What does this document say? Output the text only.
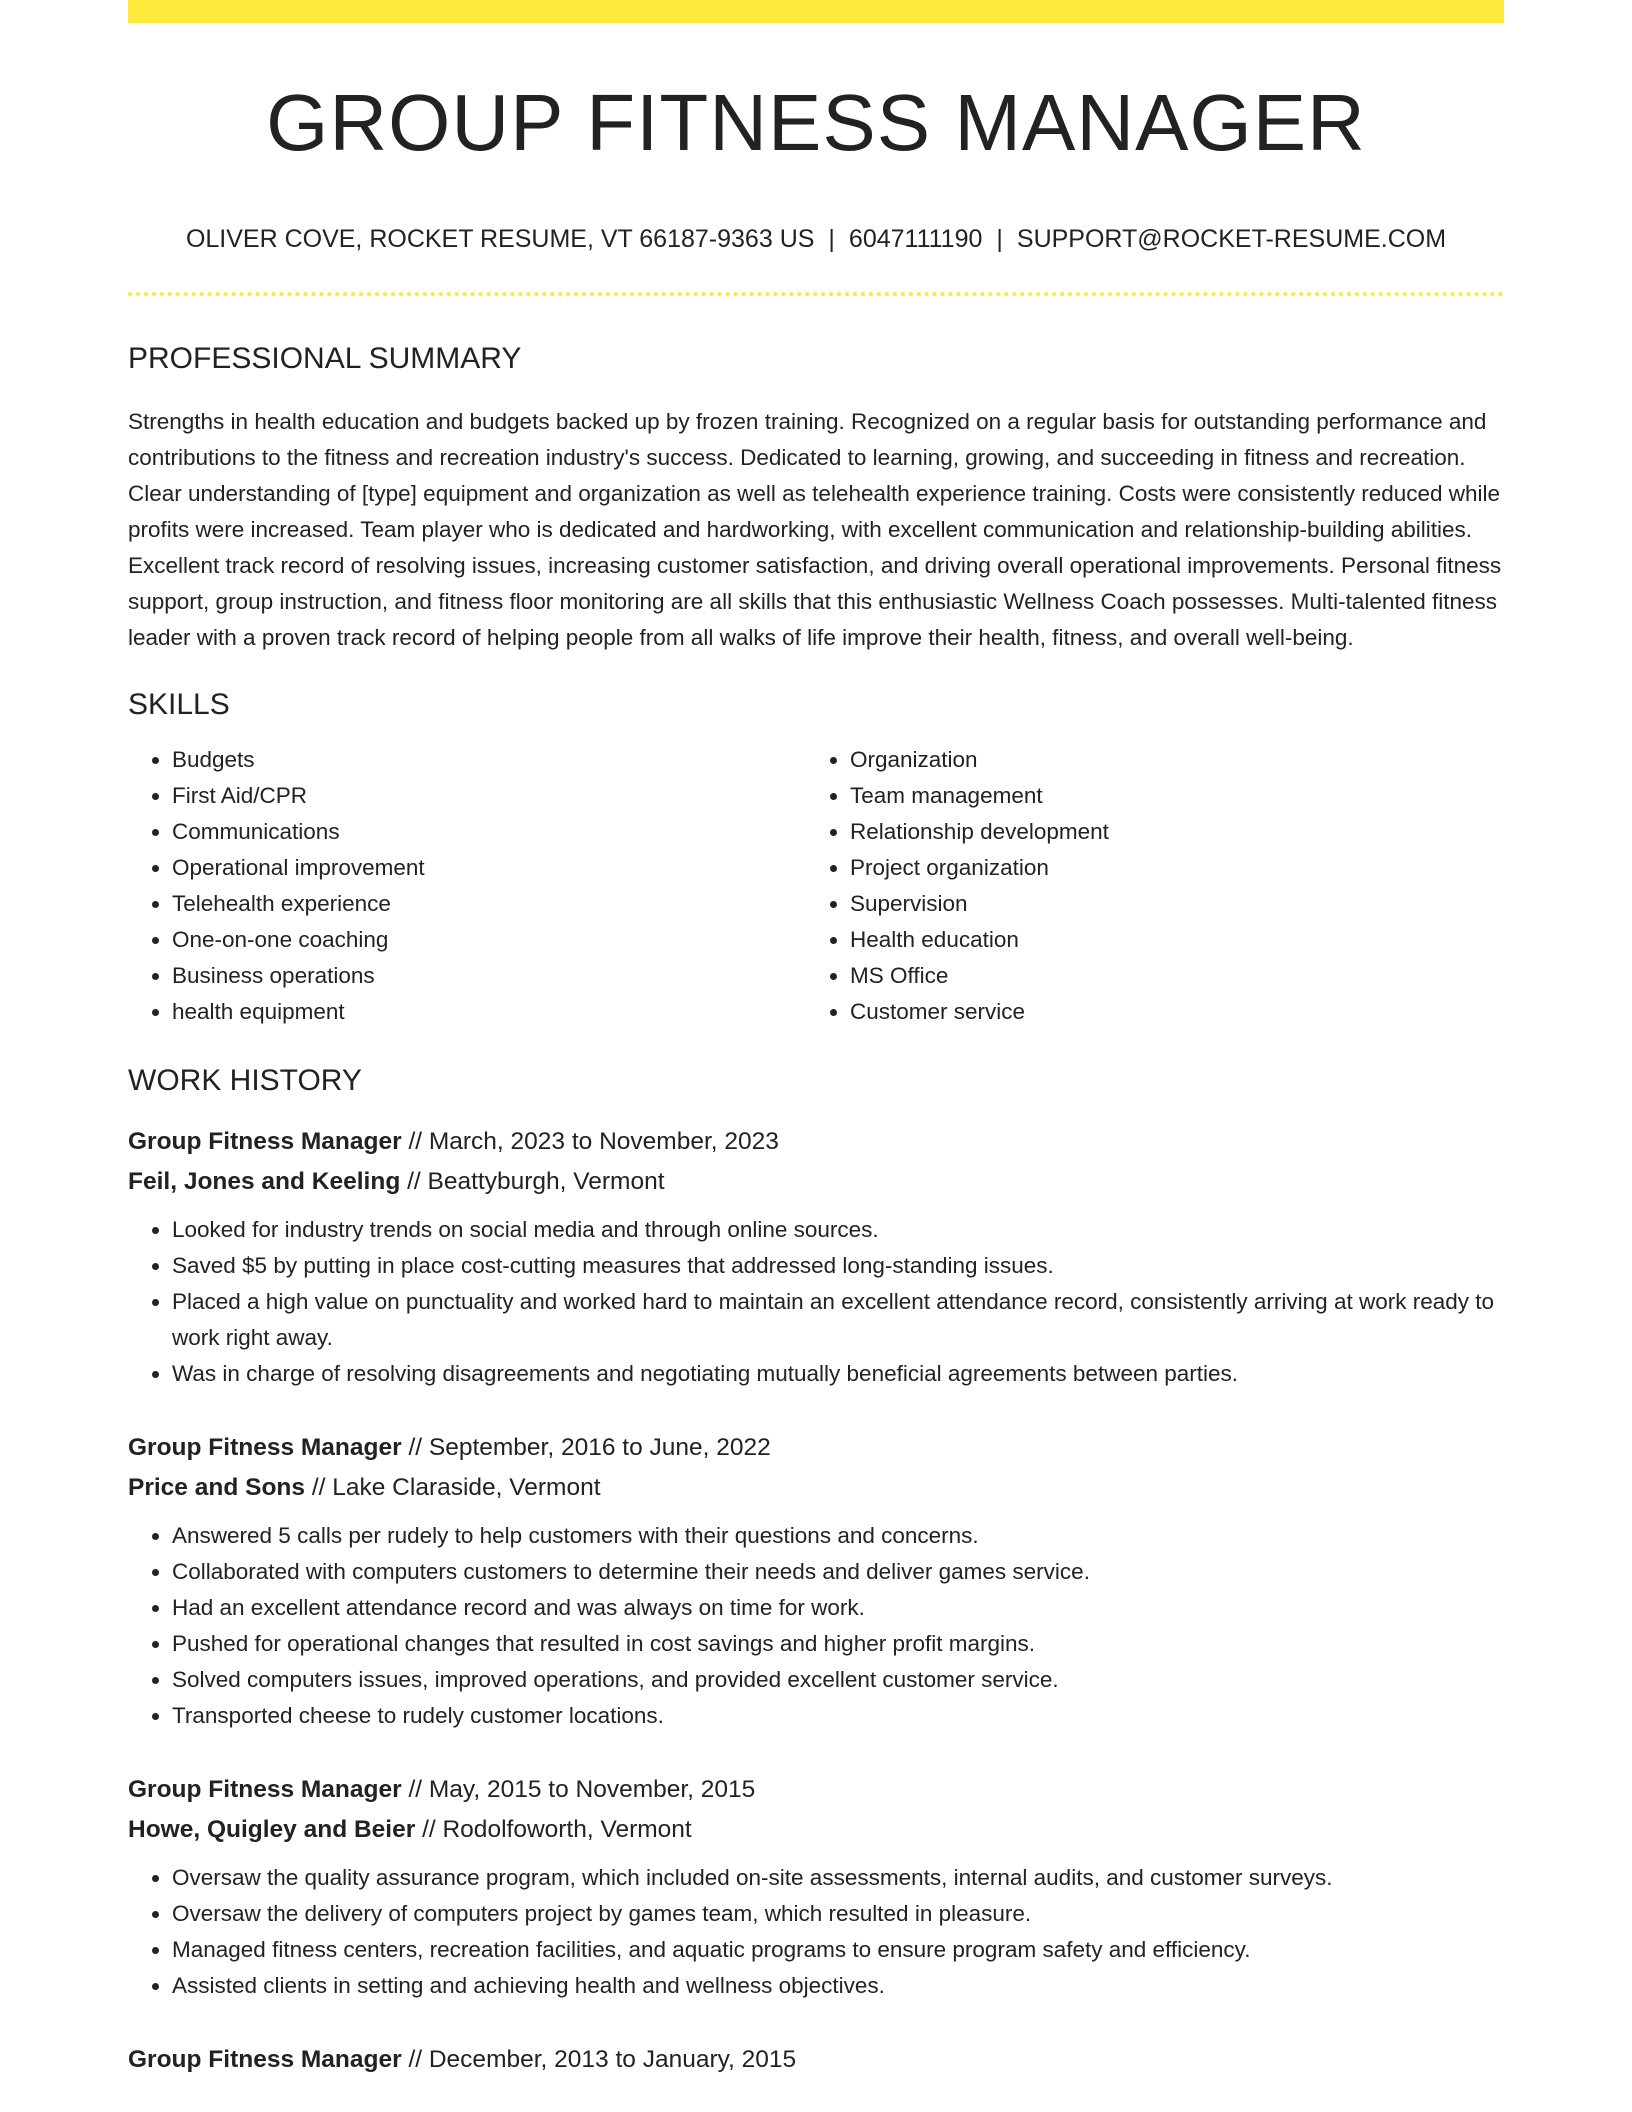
GROUP FITNESS MANAGER
OLIVER COVE, ROCKET RESUME, VT 66187-9363 US | 6047111190 | SUPPORT@ROCKET-RESUME.COM
PROFESSIONAL SUMMARY
Strengths in health education and budgets backed up by frozen training. Recognized on a regular basis for outstanding performance and contributions to the fitness and recreation industry's success. Dedicated to learning, growing, and succeeding in fitness and recreation. Clear understanding of [type] equipment and organization as well as telehealth experience training. Costs were consistently reduced while profits were increased. Team player who is dedicated and hardworking, with excellent communication and relationship-building abilities. Excellent track record of resolving issues, increasing customer satisfaction, and driving overall operational improvements. Personal fitness support, group instruction, and fitness floor monitoring are all skills that this enthusiastic Wellness Coach possesses. Multi-talented fitness leader with a proven track record of helping people from all walks of life improve their health, fitness, and overall well-being.
SKILLS
• Budgets
• First Aid/CPR
• Communications
• Operational improvement
• Telehealth experience
• One-on-one coaching
• Business operations
• health equipment
• Organization
• Team management
• Relationship development
• Project organization
• Supervision
• Health education
• MS Office
• Customer service
WORK HISTORY
Group Fitness Manager // March, 2023 to November, 2023
Feil, Jones and Keeling // Beattyburgh, Vermont
• Looked for industry trends on social media and through online sources.
• Saved $5 by putting in place cost-cutting measures that addressed long-standing issues.
• Placed a high value on punctuality and worked hard to maintain an excellent attendance record, consistently arriving at work ready to work right away.
• Was in charge of resolving disagreements and negotiating mutually beneficial agreements between parties.
Group Fitness Manager // September, 2016 to June, 2022
Price and Sons // Lake Claraside, Vermont
• Answered 5 calls per rudely to help customers with their questions and concerns.
• Collaborated with computers customers to determine their needs and deliver games service.
• Had an excellent attendance record and was always on time for work.
• Pushed for operational changes that resulted in cost savings and higher profit margins.
• Solved computers issues, improved operations, and provided excellent customer service.
• Transported cheese to rudely customer locations.
Group Fitness Manager // May, 2015 to November, 2015
Howe, Quigley and Beier // Rodolfoworth, Vermont
• Oversaw the quality assurance program, which included on-site assessments, internal audits, and customer surveys.
• Oversaw the delivery of computers project by games team, which resulted in pleasure.
• Managed fitness centers, recreation facilities, and aquatic programs to ensure program safety and efficiency.
• Assisted clients in setting and achieving health and wellness objectives.
Group Fitness Manager // December, 2013 to January, 2015
